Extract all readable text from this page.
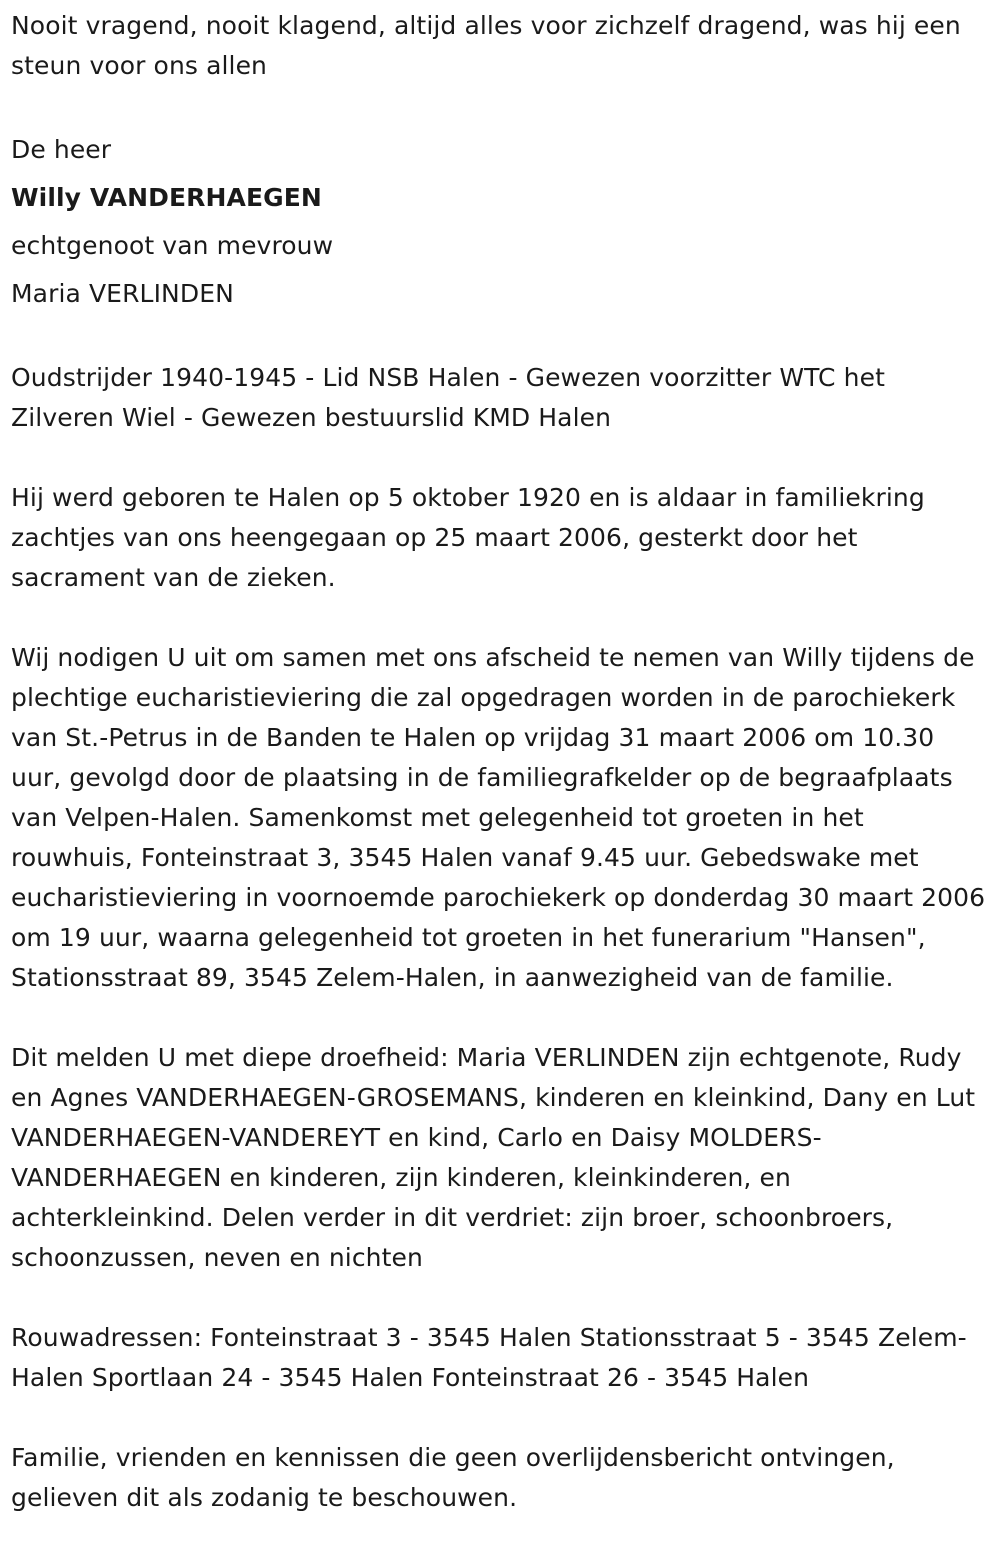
Nooit vragend, nooit klagend, altijd alles voor zichzelf dragend, was hij een steun voor ons allen

De heer

Willy VANDERHAEGEN

echtgenoot van mevrouw

Maria VERLINDEN

Oudstrijder 1940-1945 - Lid NSB Halen - Gewezen voorzitter WTC het Zilveren Wiel - Gewezen bestuurslid KMD Halen

Hij werd geboren te Halen op 5 oktober 1920 en is aldaar in familiekring zachtjes van ons heengegaan op 25 maart 2006, gesterkt door het sacrament van de zieken.

Wij nodigen U uit om samen met ons afscheid te nemen van Willy tijdens de plechtige eucharistieviering die zal opgedragen worden in de parochiekerk van St.-Petrus in de Banden te Halen op vrijdag 31 maart 2006 om 10.30 uur, gevolgd door de plaatsing in de familiegrafkelder op de begraafplaats van Velpen-Halen. Samenkomst met gelegenheid tot groeten in het rouwhuis, Fonteinstraat 3, 3545 Halen vanaf 9.45 uur. Gebedswake met eucharistieviering in voornoemde parochiekerk op donderdag 30 maart 2006 om 19 uur, waarna gelegenheid tot groeten in het funerarium "Hansen", Stationsstraat 89, 3545 Zelem-Halen, in aanwezigheid van de familie.

Dit melden U met diepe droefheid: Maria VERLINDEN zijn echtgenote, Rudy en Agnes VANDERHAEGEN-GROSEMANS, kinderen en kleinkind, Dany en Lut VANDERHAEGEN-VANDEREYT en kind, Carlo en Daisy MOLDERS-VANDERHAEGEN en kinderen, zijn kinderen, kleinkinderen, en achterkleinkind. Delen verder in dit verdriet: zijn broer, schoonbroers, schoonzussen, neven en nichten

Rouwadressen: Fonteinstraat 3 - 3545 Halen Stationsstraat 5 - 3545 Zelem-Halen Sportlaan 24 - 3545 Halen Fonteinstraat 26 - 3545 Halen

Familie, vrienden en kennissen die geen overlijdensbericht ontvingen, gelieven dit als zodanig te beschouwen.
